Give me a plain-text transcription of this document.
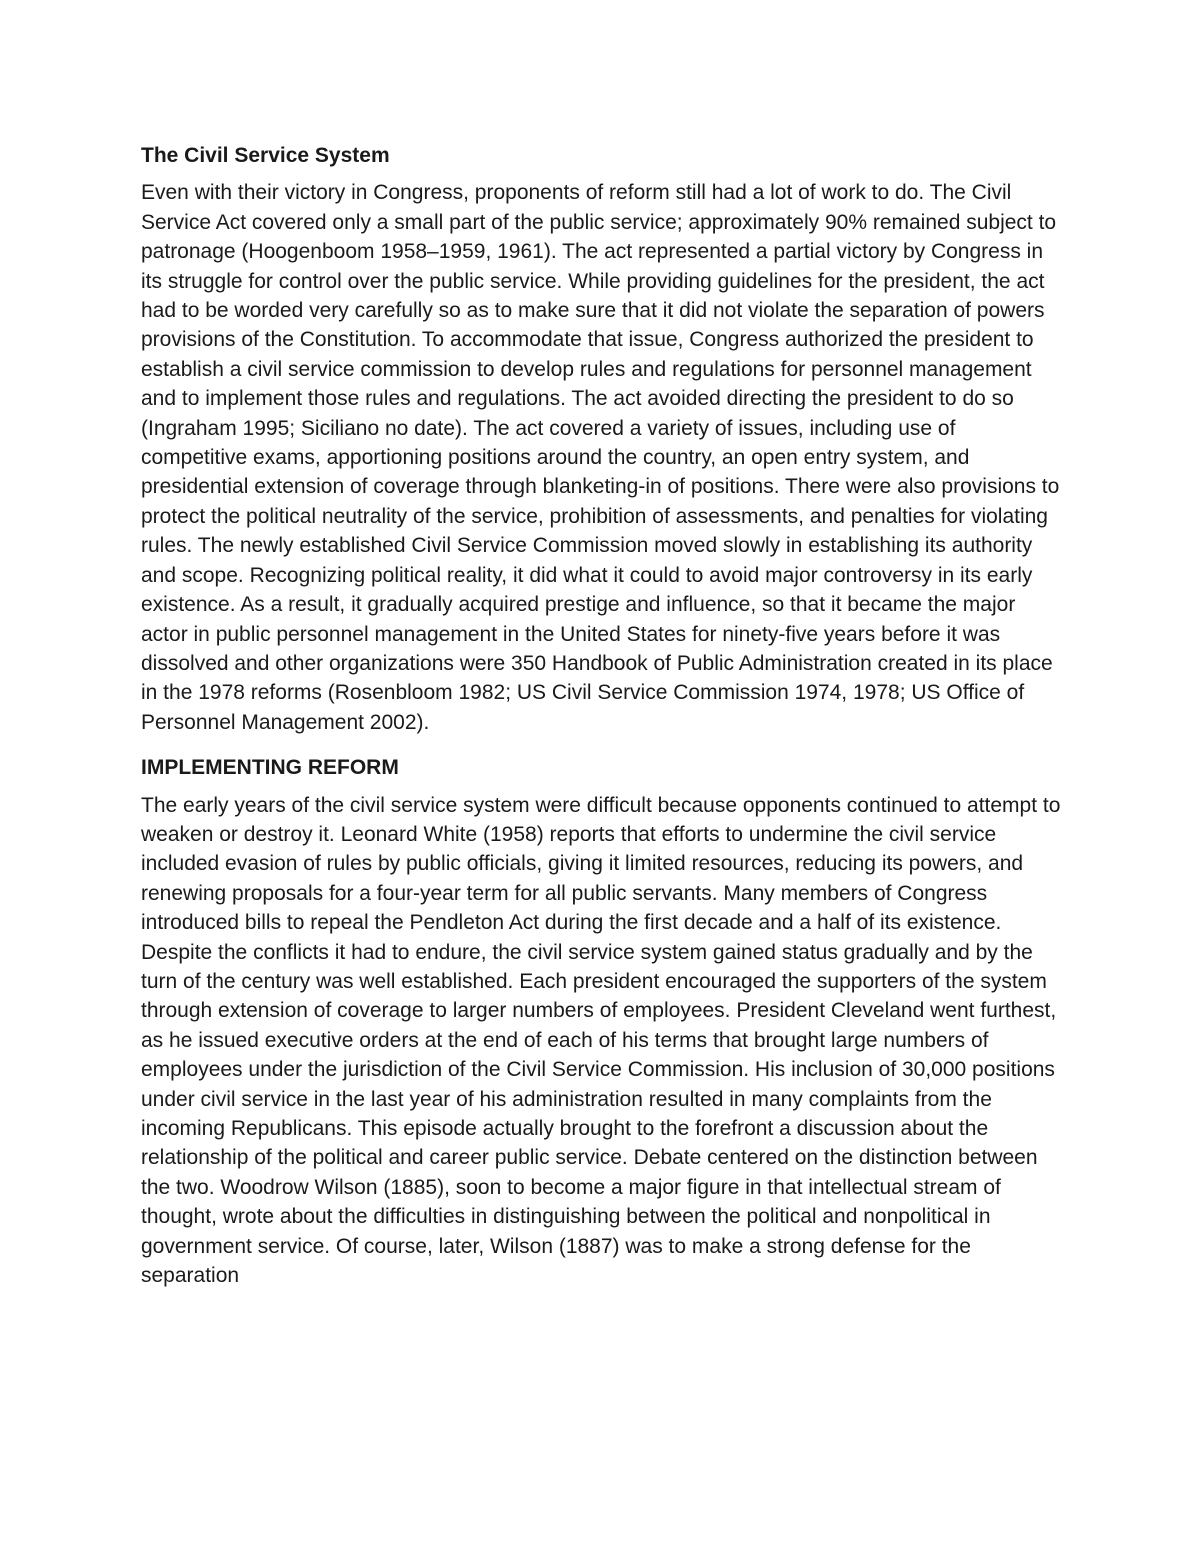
The Civil Service System
Even with their victory in Congress, proponents of reform still had a lot of work to do. The Civil Service Act covered only a small part of the public service; approximately 90% remained subject to patronage (Hoogenboom 1958–1959, 1961). The act represented a partial victory by Congress in its struggle for control over the public service. While providing guidelines for the president, the act had to be worded very carefully so as to make sure that it did not violate the separation of powers provisions of the Constitution. To accommodate that issue, Congress authorized the president to establish a civil service commission to develop rules and regulations for personnel management and to implement those rules and regulations. The act avoided directing the president to do so (Ingraham 1995; Siciliano no date). The act covered a variety of issues, including use of competitive exams, apportioning positions around the country, an open entry system, and presidential extension of coverage through blanketing-in of positions. There were also provisions to protect the political neutrality of the service, prohibition of assessments, and penalties for violating rules. The newly established Civil Service Commission moved slowly in establishing its authority and scope. Recognizing political reality, it did what it could to avoid major controversy in its early existence. As a result, it gradually acquired prestige and influence, so that it became the major actor in public personnel management in the United States for ninety-five years before it was dissolved and other organizations were 350 Handbook of Public Administration created in its place in the 1978 reforms (Rosenbloom 1982; US Civil Service Commission 1974, 1978; US Office of Personnel Management 2002).
IMPLEMENTING REFORM
The early years of the civil service system were difficult because opponents continued to attempt to weaken or destroy it. Leonard White (1958) reports that efforts to undermine the civil service included evasion of rules by public officials, giving it limited resources, reducing its powers, and renewing proposals for a four-year term for all public servants. Many members of Congress introduced bills to repeal the Pendleton Act during the first decade and a half of its existence. Despite the conflicts it had to endure, the civil service system gained status gradually and by the turn of the century was well established. Each president encouraged the supporters of the system through extension of coverage to larger numbers of employees. President Cleveland went furthest, as he issued executive orders at the end of each of his terms that brought large numbers of employees under the jurisdiction of the Civil Service Commission. His inclusion of 30,000 positions under civil service in the last year of his administration resulted in many complaints from the incoming Republicans. This episode actually brought to the forefront a discussion about the relationship of the political and career public service. Debate centered on the distinction between the two. Woodrow Wilson (1885), soon to become a major figure in that intellectual stream of thought, wrote about the difficulties in distinguishing between the political and nonpolitical in government service. Of course, later, Wilson (1887) was to make a strong defense for the separation
